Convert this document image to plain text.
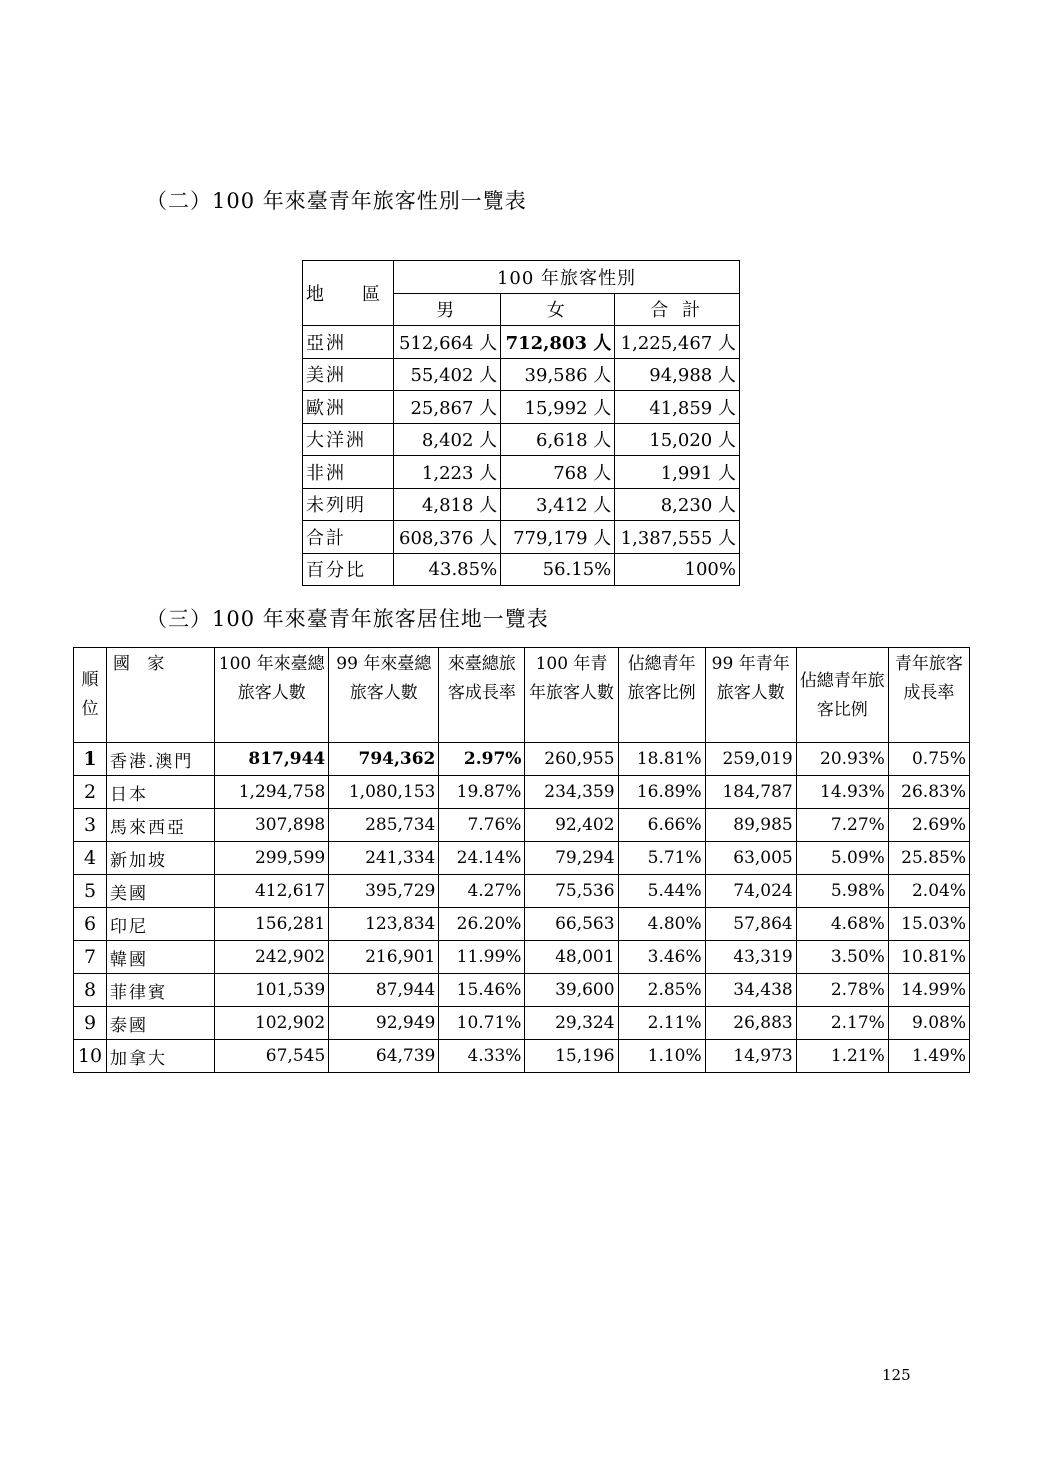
（二）100 年來臺青年旅客性別一覽表
地　區	100 年旅客性別		
	男	女	合 計
亞洲	512,664 人	712,803 人	1,225,467 人
美洲	55,402 人	39,586 人	94,988 人
歐洲	25,867 人	15,992 人	41,859 人
大洋洲	8,402 人	6,618 人	15,020 人
非洲	1,223 人	768 人	1,991 人
未列明	4,818 人	3,412 人	8,230 人
合計	608,376 人	779,179 人	1,387,555 人
百分比	43.85%	56.15%	100%
（三）100 年來臺青年旅客居住地一覽表
順位	國 家	100 年來臺總旅客人數	99 年來臺總旅客人數	來臺總旅客成長率	100 年青年旅客人數	佔總青年旅客比例	99 年青年旅客人數	佔總青年旅客比例	青年旅客成長率
1	香港.澳門	817,944	794,362	2.97%	260,955	18.81%	259,019	20.93%	0.75%
2	日本	1,294,758	1,080,153	19.87%	234,359	16.89%	184,787	14.93%	26.83%
3	馬來西亞	307,898	285,734	7.76%	92,402	6.66%	89,985	7.27%	2.69%
4	新加坡	299,599	241,334	24.14%	79,294	5.71%	63,005	5.09%	25.85%
5	美國	412,617	395,729	4.27%	75,536	5.44%	74,024	5.98%	2.04%
6	印尼	156,281	123,834	26.20%	66,563	4.80%	57,864	4.68%	15.03%
7	韓國	242,902	216,901	11.99%	48,001	3.46%	43,319	3.50%	10.81%
8	菲律賓	101,539	87,944	15.46%	39,600	2.85%	34,438	2.78%	14.99%
9	泰國	102,902	92,949	10.71%	29,324	2.11%	26,883	2.17%	9.08%
10	加拿大	67,545	64,739	4.33%	15,196	1.10%	14,973	1.21%	1.49%
125
